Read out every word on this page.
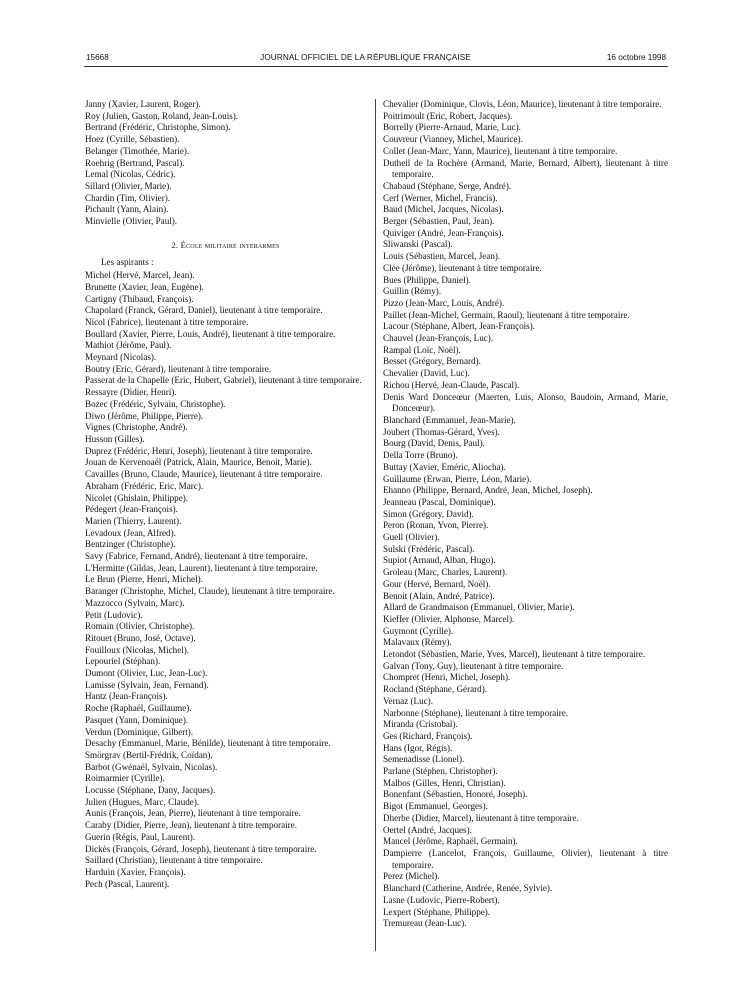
15668	JOURNAL OFFICIEL DE LA RÉPUBLIQUE FRANÇAISE	16 octobre 1998

Janny (Xavier, Laurent, Roger).

Roy (Julien, Gaston, Roland, Jean-Louis).

Bertrand (Frédéric, Christophe, Simon).

Hoez (Cyrille, Sébastien).

Belanger (Timothée, Marie).

Roehrig (Bertrand, Pascal).

Lemal (Nicolas, Cédric).

Sillard (Olivier, Marie).

Chardin (Tim, Olivier).

Pichault (Yann, Alain).

Minvielle (Olivier, Paul).

2. École militaire interarmes

Les aspirants :

Michel (Hervé, Marcel, Jean).

Brunette (Xavier, Jean, Eugène).

Cartigny (Thibaud, François).

Chapolard (Franck, Gérard, Daniel), lieutenant à titre temporaire.

Nicol (Fabrice), lieutenant à titre temporaire.

Boullard (Xavier, Pierre, Louis, André), lieutenant à titre temporaire.

Mathiot (Jérôme, Paul).

Meynard (Nicolas).

Boutry (Eric, Gérard), lieutenant à titre temporaire.

Passerat de la Chapelle (Eric, Hubert, Gabriel), lieutenant à titre temporaire.

Ressayre (Didier, Henri).

Bozec (Frédéric, Sylvain, Christophe).

Diwo (Jérôme, Philippe, Pierre).

Vignes (Christophe, André).

Husson (Gilles).

Duprez (Frédéric, Henri, Joseph), lieutenant à titre temporaire.

Jouan de Kervenoaël (Patrick, Alain, Maurice, Benoit, Marie).

Cavailles (Bruno, Claude, Maurice), lieutenant à titre temporaire.

Abraham (Frédéric, Eric, Marc).

Nicolet (Ghislain, Philippe).

Pédegert (Jean-François).

Marien (Thierry, Laurent).

Levadoux (Jean, Alfred).

Bentzinger (Christophe).

Savy (Fabrice, Fernand, André), lieutenant à titre temporaire.

L'Hermitte (Gildas, Jean, Laurent), lieutenant à titre temporaire.

Le Brun (Pierre, Henri, Michel).

Baranger (Christophe, Michel, Claude), lieutenant à titre temporaire.

Mazzocco (Sylvain, Marc).

Petit (Ludovic).

Romain (Olivier, Christophe).

Ritouet (Bruno, José, Octave).

Fouilloux (Nicolas, Michel).

Lepouriel (Stéphan).

Dumont (Olivier, Luc, Jean-Luc).

Lamisse (Sylvain, Jean, Fernand).

Hantz (Jean-François).

Roche (Raphaël, Guillaume).

Pasquet (Yann, Dominique).

Verdun (Dominique, Gilbert).

Desachy (Emmanuel, Marie, Bénilde), lieutenant à titre temporaire.

Smörgrav (Bertil-Frédrik, Coïdan).

Barbot (Gwénaël, Sylvain, Nicolas).

Roimarmier (Cyrille).

Locusse (Stéphane, Dany, Jacques).

Julien (Hugues, Marc, Claude).

Aunis (François, Jean, Pierre), lieutenant à titre temporaire.

Caraby (Didier, Pierre, Jean), lieutenant à titre temporaire.

Guerin (Régis, Paul, Laurent).

Dickès (François, Gérard, Joseph), lieutenant à titre temporaire.

Saillard (Christian), lieutenant à titre temporaire.

Harduin (Xavier, François).

Pech (Pascal, Laurent).

Chevalier (Dominique, Clovis, Léon, Maurice), lieutenant à titre temporaire.

Poitrimoult (Eric, Robert, Jacques).

Borrelly (Pierre-Arnaud, Marie, Luc).

Couvreur (Vianney, Michel, Maurice).

Collet (Jean-Marc, Yann, Maurice), lieutenant à titre temporaire.

Dutheil de la Rochère (Armand, Marie, Bernard, Albert), lieutenant à titre temporaire.

Chabaud (Stéphane, Serge, André).

Cerf (Werner, Michel, Francis).

Baud (Michel, Jacques, Nicolas).

Berger (Sébastien, Paul, Jean).

Quiviger (André, Jean-François).

Sliwanski (Pascal).

Louis (Sébastien, Marcel, Jean).

Clée (Jérôme), lieutenant à titre temporaire.

Bues (Philippe, Daniel).

Guillin (Rémy).

Pizzo (Jean-Marc, Louis, André).

Paillet (Jean-Michel, Germain, Raoul), lieutenant à titre temporaire.

Lacour (Stéphane, Albert, Jean-François).

Chauvel (Jean-François, Luc).

Rampal (Loïc, Noël).

Besset (Grégory, Bernard).

Chevalier (David, Luc).

Richou (Hervé, Jean-Claude, Pascal).

Denis Ward Donceœur (Maerten, Luis, Alonso, Baudoin, Armand, Marie, Donceœur).

Blanchard (Emmanuel, Jean-Marie).

Joubert (Thomas-Gérard, Yves).

Bourg (David, Denis, Paul).

Della Torre (Bruno).

Buttay (Xavier, Eméric, Aliocha).

Guillaume (Erwan, Pierre, Léon, Marie).

Ehanno (Philippe, Bernard, André, Jean, Michel, Joseph).

Jeanneau (Pascal, Dominique).

Simon (Grégory, David).

Peron (Ronan, Yvon, Pierre).

Guell (Olivier).

Sulski (Frédéric, Pascal).

Supiot (Arnaud, Alban, Hugo).

Groleau (Marc, Charles, Laurent).

Gour (Hervé, Bernard, Noël).

Benoit (Alain, André, Patrice).

Allard de Grandmaison (Emmanuel, Olivier, Marie).

Kieffer (Olivier, Alphonse, Marcel).

Guymont (Cyrille).

Malavaux (Rémy).

Letondot (Sébastien, Marie, Yves, Marcel), lieutenant à titre temporaire.

Galvan (Tony, Guy), lieutenant à titre temporaire.

Chompret (Henri, Michel, Joseph).

Rocland (Stéphane, Gérard).

Vernaz (Luc).

Narbonne (Stéphane), lieutenant à titre temporaire.

Miranda (Cristobal).

Ges (Richard, François).

Hans (Igor, Régis).

Semenadisse (Lionel).

Parlane (Stéphen, Christopher).

Malbos (Gilles, Henri, Christian).

Bonenfant (Sébastien, Honoré, Joseph).

Bigot (Emmanuel, Georges).

Dherbe (Didier, Marcel), lieutenant à titre temporaire.

Oertel (André, Jacques).

Mancel (Jérôme, Raphaël, Germain).

Dampierre (Lancelot, François, Guillaume, Olivier), lieutenant à titre temporaire.

Perez (Michel).

Blanchard (Catherine, Andrée, Renée, Sylvie).

Lasne (Ludovic, Pierre-Robert).

Lexpert (Stéphane, Philippe).

Tremureau (Jean-Luc).
